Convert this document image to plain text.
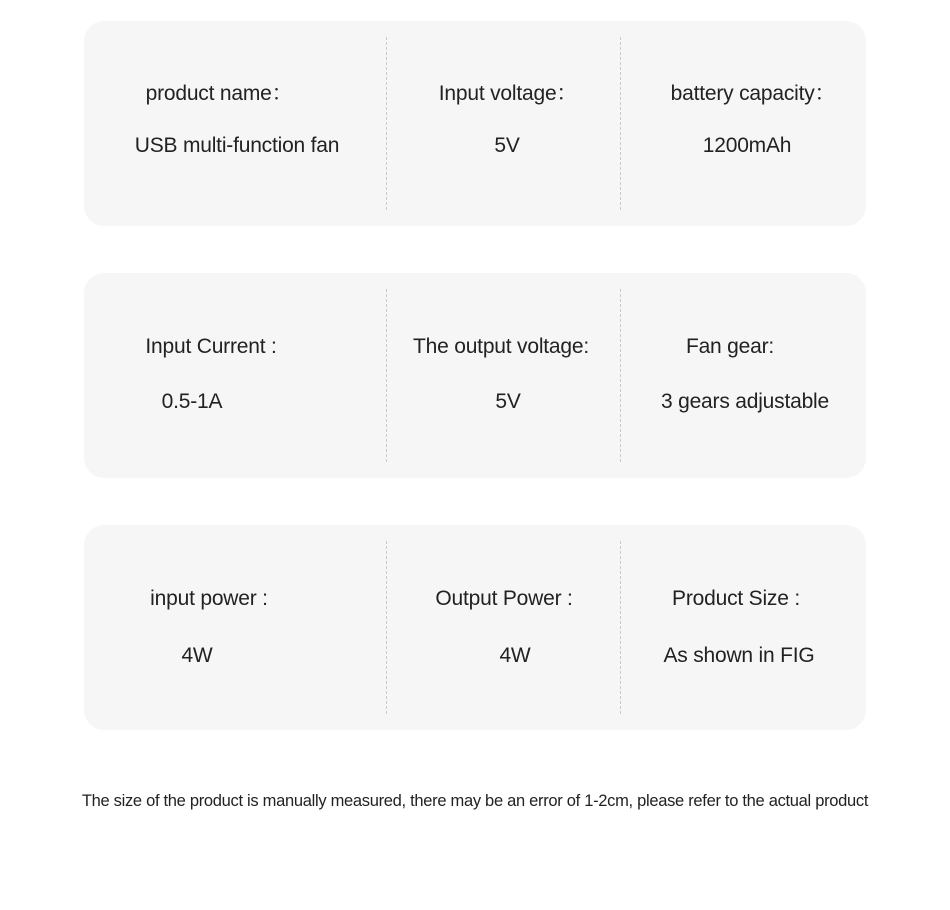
product name：
USB multi-function fan
Input voltage：
5V
battery capacity：
1200mAh
Input Current :
0.5-1A
The output voltage:
5V
Fan gear:
3 gears adjustable
input power :
4W
Output Power :
4W
Product Size :
As shown in FIG
The size of the product is manually measured, there may be an error of 1-2cm, please refer to the actual product
